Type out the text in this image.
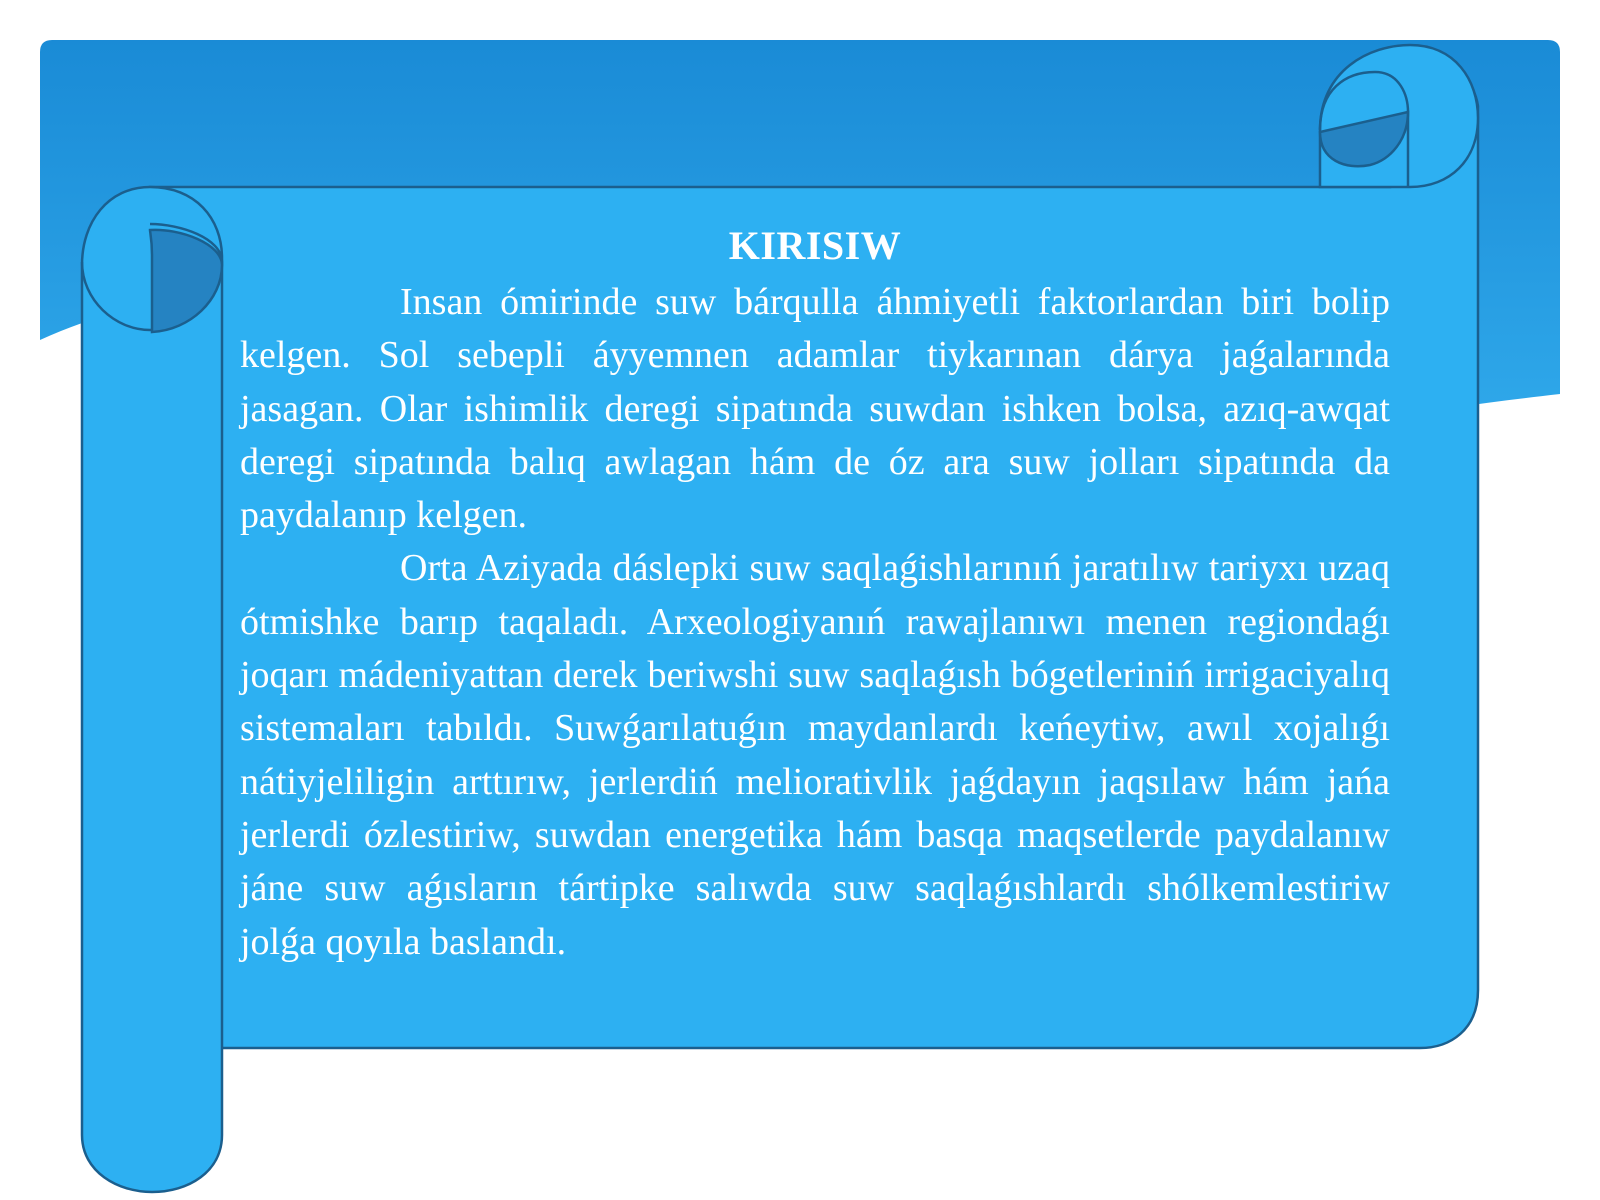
KIRISIW

Insan ómirinde suw bárqulla áhmiyetli faktorlardan biri bolip kelgen. Sol sebepli áyyemnen adamlar tiykarınan dárya jaǵalarında jasagan. Olar ishimlik deregi sipatında suwdan ishken bolsa, azıq-awqat deregi sipatında balıq awlagan hám de óz ara suw jolları sipatında da paydalanıp kelgen.

Orta Aziyada dáslepki suw saqlaǵishlarınıń jaratılıw tariyxı uzaq ótmishke barıp taqaladı. Arxeologiyanıń rawajlanıwı menen regiondaǵı joqarı mádeniyattan derek beriwshi suw saqlaǵısh bógetleriniń irrigaciyalıq sistemaları tabıldı. Suwǵarılatuǵın maydanlardı keńeytiw, awıl xojalıǵı nátiyjeliligin arttırıw, jerlerdiń meliorativlik jaǵdayın jaqsılaw hám jańa jerlerdi ózlestiriw, suwdan energetika hám basqa maqsetlerde paydalanıw jáne suw aǵısların tártipke salıwda suw saqlaǵıshlardı shólkemlestiriw jolǵa qoyıla baslandı.
